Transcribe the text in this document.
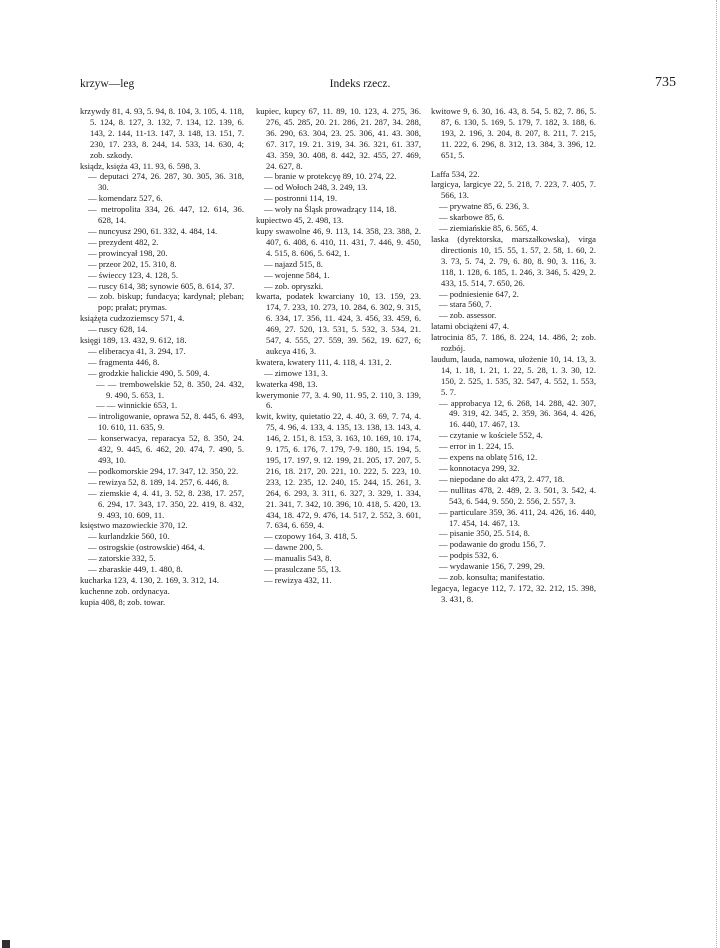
krzyw—leg	Indeks rzecz.	735

krzywdy 81, 4. 93, 5. 94, 8. 104, 3. 105, 4. 118, 5. 124, 8. 127, 3. 132, 7. 134, 12. 139, 6. 143, 2. 144, 11-13. 147, 3. 148, 13. 151, 7. 230, 17. 233, 8. 244, 14. 533, 14. 630, 4; zob. szkody.

ksiądz, księża 43, 11. 93, 6. 598, 3.

— deputaci 274, 26. 287, 30. 305, 36. 318, 30.

— komendarz 527, 6.

— metropolita 334, 26. 447, 12. 614, 36. 628, 14.

— nuncyusz 290, 61. 332, 4. 484, 14.

— prezydent 482, 2.

— prowincyał 198, 20.

— przeor 202, 15. 310, 8.

— świeccy 123, 4. 128, 5.

— ruscy 614, 38; synowie 605, 8. 614, 37.

— zob. biskup; fundacya; kardynał; pleban; pop; prałat; prymas.

książęta cudzoziemscy 571, 4.

— ruscy 628, 14.

księgi 189, 13. 432, 9. 612, 18.

— eliberacya 41, 3. 294, 17.

— fragmenta 446, 8.

— grodzkie halickie 490, 5. 509, 4.

— — trembowelskie 52, 8. 350, 24. 432, 9. 490, 5. 653, 1.

— — winnickie 653, 1.

— introligowanie, oprawa 52, 8. 445, 6. 493, 10. 610, 11. 635, 9.

— konserwacya, reparacya 52, 8. 350, 24. 432, 9. 445, 6. 462, 20. 474, 7. 490, 5. 493, 10.

— podkomorskie 294, 17. 347, 12. 350, 22.

— rewizya 52, 8. 189, 14. 257, 6. 446, 8.

— ziemskie 4, 4. 41, 3. 52, 8. 238, 17. 257, 6. 294, 17. 343, 17. 350, 22. 419, 8. 432, 9. 493, 10. 609, 11.

księstwo mazowieckie 370, 12.

— kurlandzkie 560, 10.

— ostrogskie (ostrowskie) 464, 4.

— zatorskie 332, 5.

— zbaraskie 449, 1. 480, 8.

kucharka 123, 4. 130, 2. 169, 3. 312, 14.

kuchenne zob. ordynacya.

kupia 408, 8; zob. towar.

kupiec, kupcy 67, 11. 89, 10. 123, 4. 275, 36. 276, 45. 285, 20. 21. 286, 21. 287, 34. 288, 36. 290, 63. 304, 23. 25. 306, 41. 43. 308, 67. 317, 19. 21. 319, 34. 36. 321, 61. 337, 43. 359, 30. 408, 8. 442, 32. 455, 27. 469, 24. 627, 8.

— branie w protekcyę 89, 10. 274, 22.

— od Wołoch 248, 3. 249, 13.

— postronni 114, 19.

— woły na Śląsk prowadzący 114, 18.

kupiectwo 45, 2. 498, 13.

kupy swawolne 46, 9. 113, 14. 358, 23. 388, 2. 407, 6. 408, 6. 410, 11. 431, 7. 446, 9. 450, 4. 515, 8. 606, 5. 642, 1.

— najazd 515, 8.

— wojenne 584, 1.

— zob. opryszki.

kwarta, podatek kwarciany 10, 13. 159, 23. 174, 7. 233, 10. 273, 10. 284, 6. 302, 9. 315, 6. 334, 17. 356, 11. 424, 3. 456, 33. 459, 6. 469, 27. 520, 13. 531, 5. 532, 3. 534, 21. 547, 4. 555, 27. 559, 39. 562, 19. 627, 6; aukcya 416, 3.

kwatera, kwatery 111, 4. 118, 4. 131, 2.

— zimowe 131, 3.

kwaterka 498, 13.

kwerymonie 77, 3. 4. 90, 11. 95, 2. 110, 3. 139, 6.

kwit, kwity, quietatio 22, 4. 40, 3. 69, 7. 74, 4. 75, 4. 96, 4. 133, 4. 135, 13. 138, 13. 143, 4. 146, 2. 151, 8. 153, 3. 163, 10. 169, 10. 174, 9. 175, 6. 176, 7. 179, 7-9. 180, 15. 194, 5. 195, 17. 197, 9. 12. 199, 21. 205, 17. 207, 5. 216, 18. 217, 20. 221, 10. 222, 5. 223, 10. 233, 12. 235, 12. 240, 15. 244, 15. 261, 3. 264, 6. 293, 3. 311, 6. 327, 3. 329, 1. 334, 21. 341, 7. 342, 10. 396, 10. 418, 5. 420, 13. 434, 18. 472, 9. 476, 14. 517, 2. 552, 3. 601, 7. 634, 6. 659, 4.

— czopowy 164, 3. 418, 5.

— dawne 200, 5.

— manualis 543, 8.

— prasulczane 55, 13.

— rewizya 432, 11.

kwitowe 9, 6. 30, 16. 43, 8. 54, 5. 82, 7. 86, 5. 87, 6. 130, 5. 169, 5. 179, 7. 182, 3. 188, 6. 193, 2. 196, 3. 204, 8. 207, 8. 211, 7. 215, 11. 222, 6. 296, 8. 312, 13. 384, 3. 396, 12. 651, 5.

Laffa 534, 22.

largicya, largicye 22, 5. 218, 7. 223, 7. 405, 7. 566, 13.

— prywatne 85, 6. 236, 3.

— skarbowe 85, 6.

— ziemiańskie 85, 6. 565, 4.

laska (dyrektorska, marszałkowska), virga directionis 10, 15. 55, 1. 57, 2. 58, 1. 60, 2. 3. 73, 5. 74, 2. 79, 6. 80, 8. 90, 3. 116, 3. 118, 1. 128, 6. 185, 1. 246, 3. 346, 5. 429, 2. 433, 15. 514, 7. 650, 26.

— podniesienie 647, 2.

— stara 560, 7.

— zob. assessor.

latami obciążeni 47, 4.

latrocinia 85, 7. 186, 8. 224, 14. 486, 2; zob. rozbój.

laudum, lauda, namowa, ułożenie 10, 14. 13, 3. 14, 1. 18, 1. 21, 1. 22, 5. 28, 1. 3. 30, 12. 150, 2. 525, 1. 535, 32. 547, 4. 552, 1. 553, 5. 7.

— approbacya 12, 6. 268, 14. 288, 42. 307, 49. 319, 42. 345, 2. 359, 36. 364, 4. 426, 16. 440, 17. 467, 13.

— czytanie w kościele 552, 4.

— error in 1. 224, 15.

— expens na oblatę 516, 12.

— konnotacya 299, 32.

— niepodane do akt 473, 2. 477, 18.

— nullitas 478, 2. 489, 2. 3. 501, 3. 542, 4. 543, 6. 544, 9. 550, 2. 556, 2. 557, 3.

— particulare 359, 36. 411, 24. 426, 16. 440, 17. 454, 14. 467, 13.

— pisanie 350, 25. 514, 8.

— podawanie do grodu 156, 7.

— podpis 532, 6.

— wydawanie 156, 7. 299, 29.

— zob. konsulta; manifestatio.

legacya, legacye 112, 7. 172, 32. 212, 15. 398, 3. 431, 8.
